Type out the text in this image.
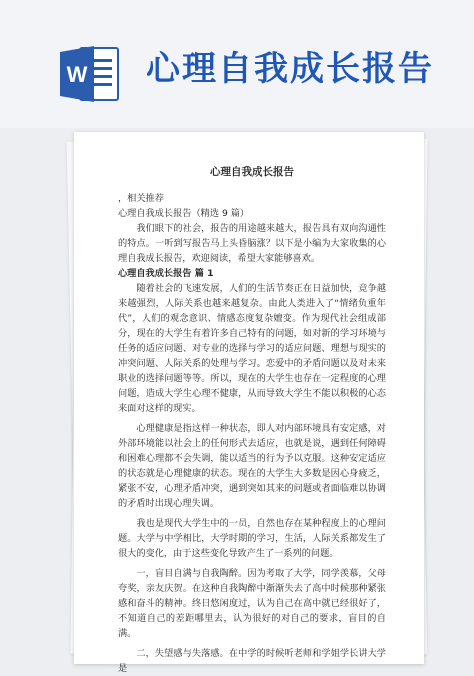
W 心理自我成长报告
心理自我成长报告
，相关推荐
心理自我成长报告（精选 9 篇）
我们眼下的社会，报告的用途越来越大，报告具有双向沟通性的特点。一听到写报告马上头昏脑涨？以下是小编为大家收集的心理自我成长报告，欢迎阅读，希望大家能够喜欢。
心理自我成长报告 篇 1
随着社会的飞速发展，人们的生活节奏正在日益加快，竞争越来越强烈，人际关系也越来越复杂。由此人类进入了“情绪负重年代”，人们的观念意识、情感态度复杂嬗变。作为现代社会组成部分，现在的大学生有着许多自己特有的问题，如对新的学习环境与任务的适应问题、对专业的选择与学习的适应问题、理想与现实的冲突问题、人际关系的处理与学习。恋爱中的矛盾问题以及对未来职业的选择问题等等。所以，现在的大学生也存在一定程度的心理问题，造成大学生心理不健康，从而导致大学生不能以积极的心态来面对这样的现实。
心理健康是指这样一种状态，即人对内部环境具有安定感，对外部环境能以社会上的任何形式去适应，也就是说，遇到任何障碍和困难心理都不会失调，能以适当的行为予以克服。这种安定适应的状态就是心理健康的状态。现在的大学生大多数是因心身疲乏，紧张不安，心理矛盾冲突，遇到突如其来的问题或者面临难以协调的矛盾时出现心理失调。
我也是现代大学生中的一员，自然也存在某种程度上的心理问题。大学与中学相比，大学时期的学习，生活，人际关系都发生了很大的变化，由于这些变化导致产生了一系列的问题。
一，盲目自满与自我陶醉。因为考取了大学，同学羡慕，父母夸奖，亲友庆贺。在这种自我陶醉中渐渐失去了高中时候那种紧张感和奋斗的精神。终日悠闲度过，认为自己在高中就已经很好了，不知道自己的差距哪里去，认为很好的对自己的要求，盲目的自满。
二，失望感与失落感。在中学的时候听老师和学姐学长讲大学是
